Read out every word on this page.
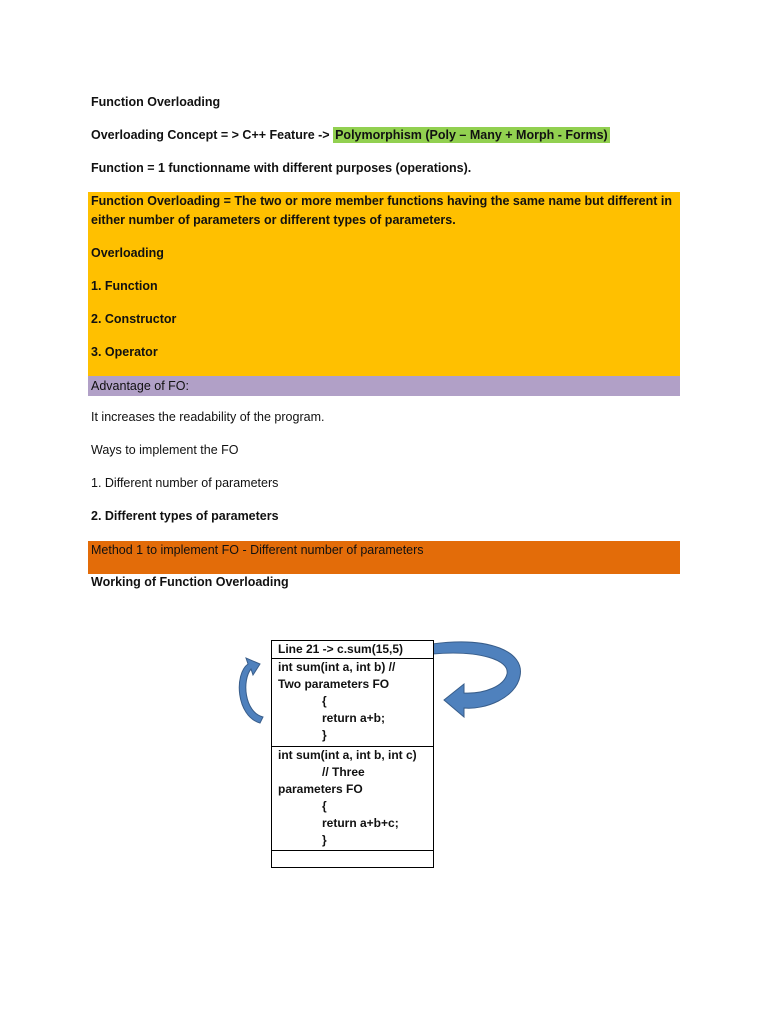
Function Overloading
Overloading Concept = > C++ Feature -> Polymorphism (Poly – Many + Morph - Forms)
Function = 1 functionname with different purposes (operations).
Function Overloading = The two or more member functions having the same name but different in
either number of parameters or different types of parameters.
Overloading
1. Function
2. Constructor
3. Operator
Advantage of FO:
It increases the readability of the program.
Ways to implement the FO
1. Different number of parameters
2. Different types of parameters
Method 1 to implement FO - Different number of parameters
Working of Function Overloading
Line 21 -> c.sum(15,5)
int sum(int a, int b) //
Two parameters FO
{
return a+b;
}
int sum(int a, int b, int c)
// Three
parameters FO
{
return a+b+c;
}
